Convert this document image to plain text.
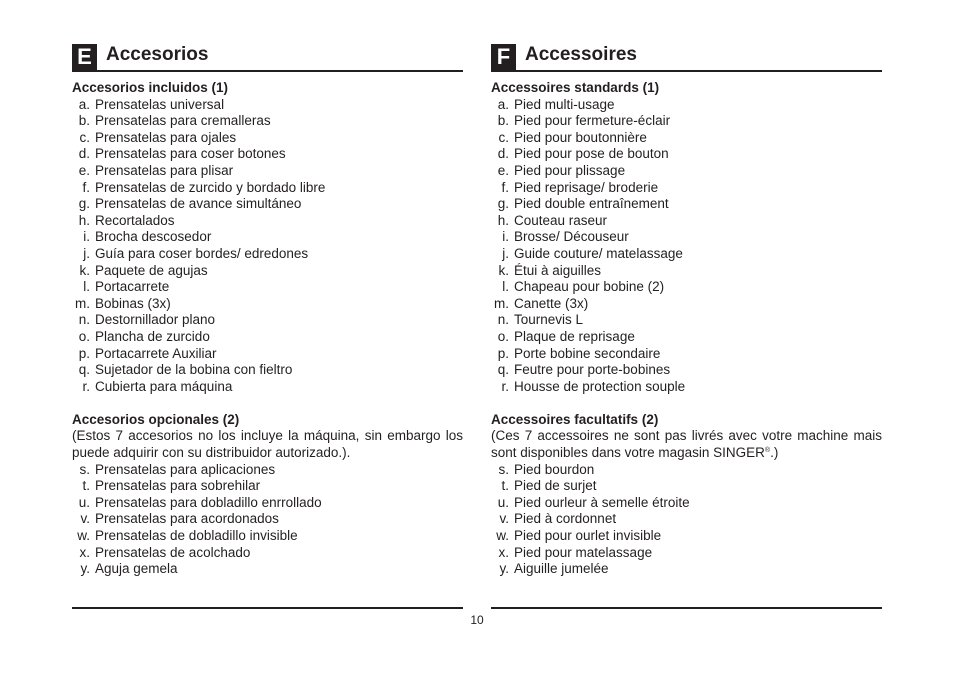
E Accesorios
Accesorios incluidos (1)
a. Prensatelas universal
b. Prensatelas para cremalleras
c. Prensatelas para ojales
d. Prensatelas para coser botones
e. Prensatelas para plisar
f. Prensatelas de zurcido y bordado libre
g. Prensatelas de avance simultáneo
h. Recortalados
i. Brocha descosedor
j. Guía para coser bordes/ edredones
k. Paquete de agujas
l. Portacarrete
m. Bobinas (3x)
n. Destornillador plano
o. Plancha de zurcido
p. Portacarrete Auxiliar
q. Sujetador de la bobina con fieltro
r. Cubierta para máquina
Accesorios opcionales (2)
(Estos 7 accesorios no los incluye la máquina, sin embargo los puede adquirir con su distribuidor autorizado.).
s. Prensatelas para aplicaciones
t. Prensatelas para sobrehilar
u. Prensatelas para dobladillo enrrollado
v. Prensatelas para acordonados
w. Prensatelas de dobladillo invisible
x. Prensatelas de acolchado
y. Aguja gemela
F Accessoires
Accessoires standards (1)
a. Pied multi-usage
b. Pied pour fermeture-éclair
c. Pied pour boutonnière
d. Pied pour pose de bouton
e. Pied pour plissage
f. Pied reprisage/ broderie
g. Pied double entraînement
h. Couteau raseur
i. Brosse/ Découseur
j. Guide couture/ matelassage
k. Étui à aiguilles
l. Chapeau pour bobine (2)
m. Canette (3x)
n. Tournevis L
o. Plaque de reprisage
p. Porte bobine secondaire
q. Feutre pour porte-bobines
r. Housse de protection souple
Accessoires facultatifs (2)
(Ces 7 accessoires ne sont pas livrés avec votre machine mais sont disponibles dans votre magasin SINGER®.)
s. Pied bourdon
t. Pied de surjet
u. Pied ourleur à semelle étroite
v. Pied à cordonnet
w. Pied pour ourlet invisible
x. Pied pour matelassage
y. Aiguille jumelée
10
